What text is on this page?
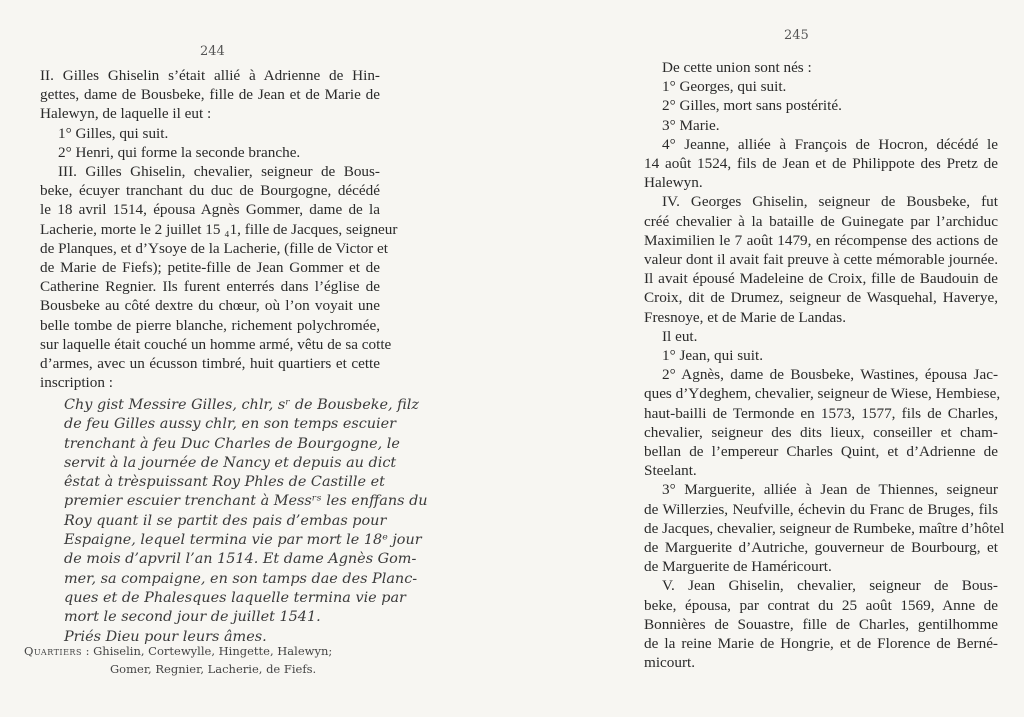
244
II. Gilles Ghiselin s’était allié à Adrienne de Hin-
gettes, dame de Bousbeke, fille de Jean et de Marie de
Halewyn, de laquelle il eut :
1° Gilles, qui suit.
2° Henri, qui forme la seconde branche.
III. Gilles Ghiselin, chevalier, seigneur de Bous-
beke, écuyer tranchant du duc de Bourgogne, décédé
le 18 avril 1514, épousa Agnès Gommer, dame de la
Lacherie, morte le 2 juillet 15 ₄1, fille de Jacques, seigneur
de Planques, et d’Ysoye de la Lacherie, (fille de Victor et
de Marie de Fiefs); petite-fille de Jean Gommer et de
Catherine Regnier. Ils furent enterrés dans l’église de
Bousbeke au côté dextre du chœur, où l’on voyait une
belle tombe de pierre blanche, richement polychromée,
sur laquelle était couché un homme armé, vêtu de sa cotte
d’armes, avec un écusson timbré, huit quartiers et cette
inscription :
Chy gist Messire Gilles, chlr, sʳ de Bousbeke, filz
de feu Gilles aussy chlr, en son temps escuier
trenchant à feu Duc Charles de Bourgogne, le
servit à la journée de Nancy et depuis au dict
êstat à trèspuissant Roy Phles de Castille et
premier escuier trenchant à Messʳˢ les enffans du
Roy quant il se partit des pais d’embas pour
Espaigne, lequel termina vie par mort le 18ᵉ jour
de mois d’apvril l’an 1514. Et dame Agnès Gom-
mer, sa compaigne, en son tamps dae des Planc-
ques et de Phalesques laquelle termina vie par
mort le second jour de juillet 1541.
Priés Dieu pour leurs âmes.
Quartiers : Ghiselin, Cortewylle, Hingette, Halewyn;
Gomer, Regnier, Lacherie, de Fiefs.
245
De cette union sont nés :
1° Georges, qui suit.
2° Gilles, mort sans postérité.
3° Marie.
4° Jeanne, alliée à François de Hocron, décédé le
14 août 1524, fils de Jean et de Philippote des Pretz de
Halewyn.
IV. Georges Ghiselin, seigneur de Bousbeke, fut
créé chevalier à la bataille de Guinegate par l’archiduc
Maximilien le 7 août 1479, en récompense des actions de
valeur dont il avait fait preuve à cette mémorable journée.
Il avait épousé Madeleine de Croix, fille de Baudouin de
Croix, dit de Drumez, seigneur de Wasquehal, Haverye,
Fresnoye, et de Marie de Landas.
Il eut.
1° Jean, qui suit.
2° Agnès, dame de Bousbeke, Wastines, épousa Jac-
ques d’Ydeghem, chevalier, seigneur de Wiese, Hembiese,
haut-bailli de Termonde en 1573, 1577, fils de Charles,
chevalier, seigneur des dits lieux, conseiller et cham-
bellan de l’empereur Charles Quint, et d’Adrienne de
Steelant.
3° Marguerite, alliée à Jean de Thiennes, seigneur
de Willerzies, Neufville, échevin du Franc de Bruges, fils
de Jacques, chevalier, seigneur de Rumbeke, maître d’hôtel
de Marguerite d’Autriche, gouverneur de Bourbourg, et
de Marguerite de Haméricourt.
V. Jean Ghiselin, chevalier, seigneur de Bous-
beke, épousa, par contrat du 25 août 1569, Anne de
Bonnières de Souastre, fille de Charles, gentilhomme
de la reine Marie de Hongrie, et de Florence de Berné-
micourt.
